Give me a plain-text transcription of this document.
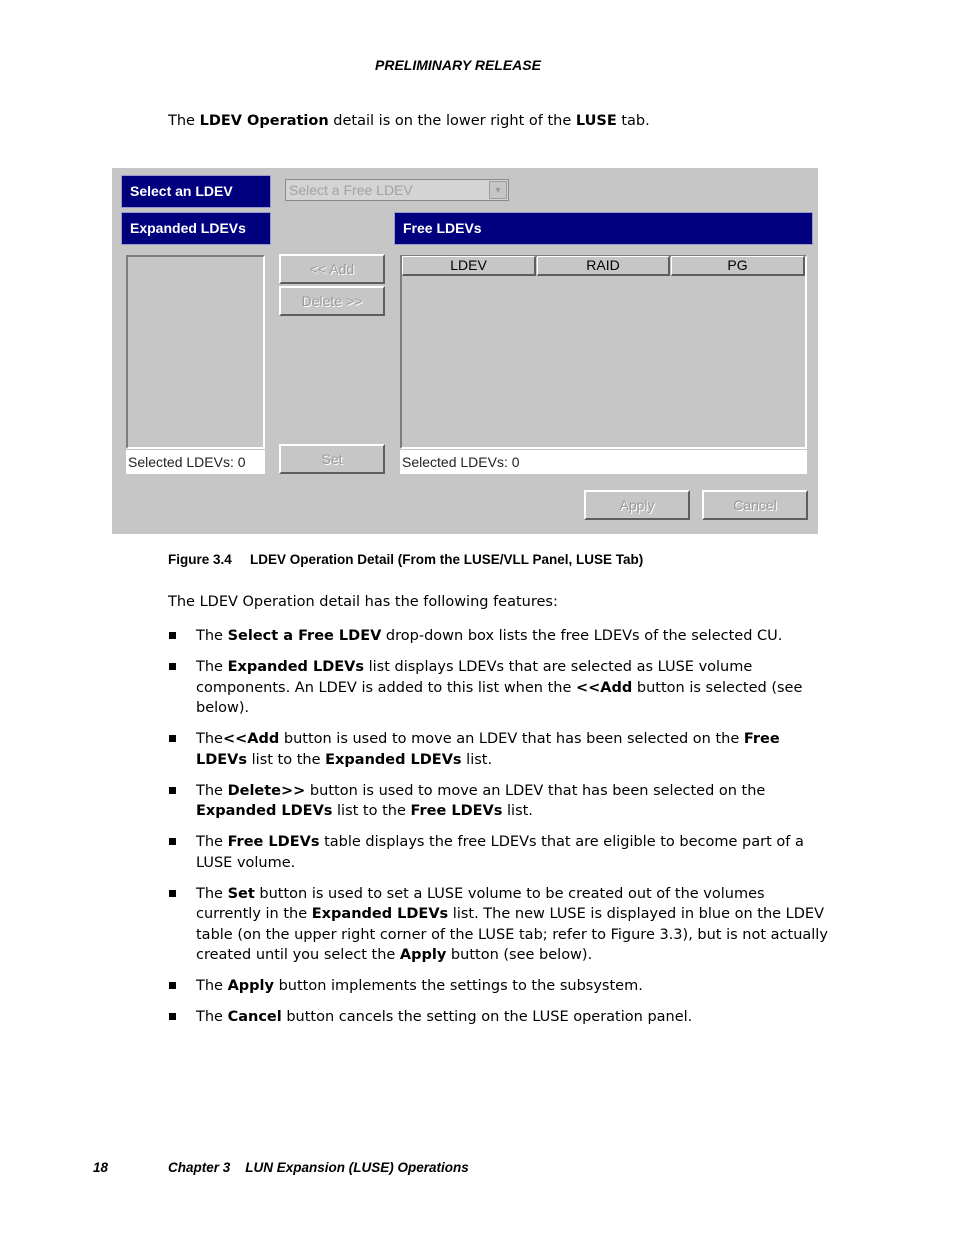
PRELIMINARY RELEASE
The LDEV Operation detail is on the lower right of the LUSE tab.
Select an LDEV	Select a Free LDEV	▼
Expanded LDEVs	Free LDEVs
Selected LDEVs: 0
<< Add
Delete >>
Set
LDEV	RAID	PG
Selected LDEVs: 0
Apply	Cancel
Figure 3.4 LDEV Operation Detail (From the LUSE/VLL Panel, LUSE Tab)
The LDEV Operation detail has the following features:
The Select a Free LDEV drop-down box lists the free LDEVs of the selected CU.
The Expanded LDEVs list displays LDEVs that are selected as LUSE volume components. An LDEV is added to this list when the <<Add button is selected (see below).
The<<Add button is used to move an LDEV that has been selected on the Free LDEVs list to the Expanded LDEVs list.
The Delete>> button is used to move an LDEV that has been selected on the Expanded LDEVs list to the Free LDEVs list.
The Free LDEVs table displays the free LDEVs that are eligible to become part of a LUSE volume.
The Set button is used to set a LUSE volume to be created out of the volumes currently in the Expanded LDEVs list. The new LUSE is displayed in blue on the LDEV table (on the upper right corner of the LUSE tab; refer to Figure 3.3), but is not actually created until you select the Apply button (see below).
The Apply button implements the settings to the subsystem.
The Cancel button cancels the setting on the LUSE operation panel.
18	Chapter 3    LUN Expansion (LUSE) Operations
